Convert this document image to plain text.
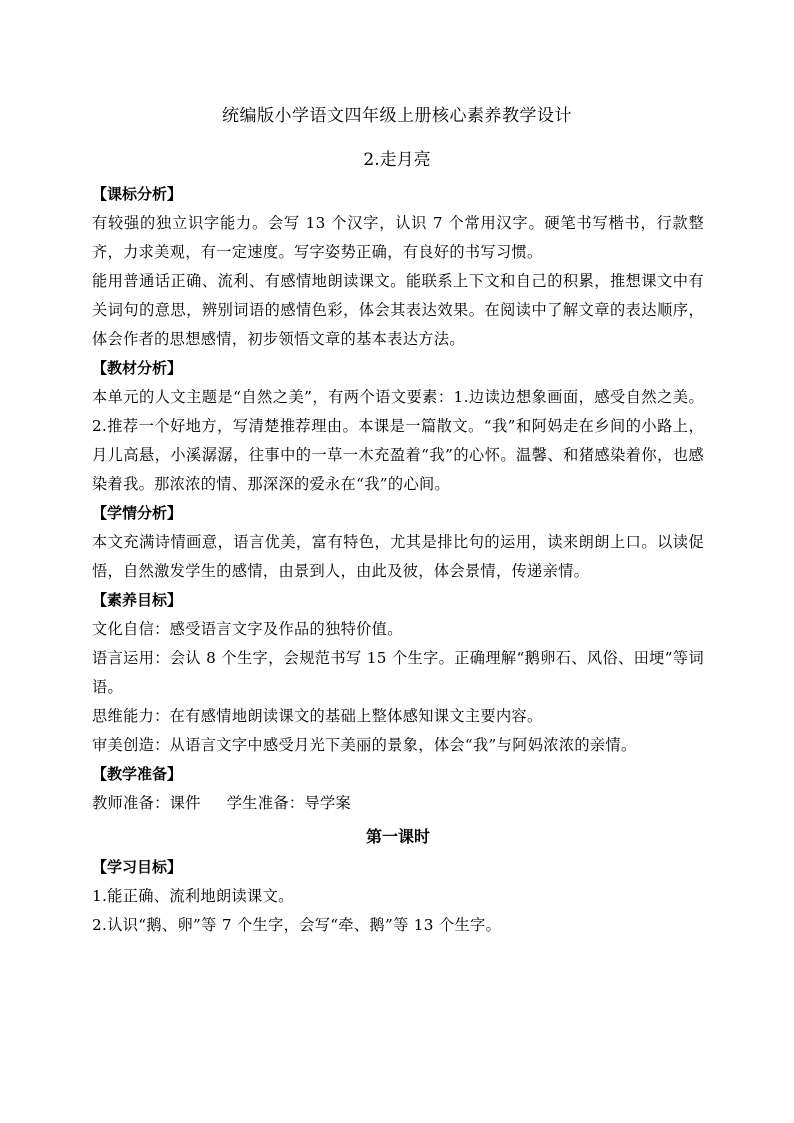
统编版小学语文四年级上册核心素养教学设计
2.走月亮
【课标分析】

有较强的独立识字能力。会写 13 个汉字，认识 7 个常用汉字。硬笔书写楷书，行款整齐，力求美观，有一定速度。写字姿势正确，有良好的书写习惯。

能用普通话正确、流利、有感情地朗读课文。能联系上下文和自己的积累，推想课文中有关词句的意思，辨别词语的感情色彩，体会其表达效果。在阅读中了解文章的表达顺序，体会作者的思想感情，初步领悟文章的基本表达方法。

【教材分析】

本单元的人文主题是“自然之美”，有两个语文要素：1.边读边想象画面，感受自然之美。2.推荐一个好地方，写清楚推荐理由。本课是一篇散文。“我”和阿妈走在乡间的小路上，月儿高悬，小溪潺潺，往事中的一草一木充盈着“我”的心怀。温馨、和猪感染着你，也感染着我。那浓浓的情、那深深的爱永在“我”的心间。

【学情分析】

本文充满诗情画意，语言优美，富有特色，尤其是排比句的运用，读来朗朗上口。以读促悟，自然激发学生的感情，由景到人，由此及彼，体会景情，传递亲情。

【素养目标】

文化自信：感受语言文字及作品的独特价值。

语言运用：会认 8 个生字，会规范书写 15 个生字。正确理解“鹅卵石、风俗、田埂”等词语。

思维能力：在有感情地朗读课文的基础上整体感知课文主要内容。

审美创造：从语言文字中感受月光下美丽的景象，体会“我”与阿妈浓浓的亲情。

【教学准备】

教师准备：课件 学生准备：导学案

第一课时
【学习目标】

1.能正确、流利地朗读课文。

2.认识“鹅、卵”等 7 个生字，会写“牵、鹅”等 13 个生字。
